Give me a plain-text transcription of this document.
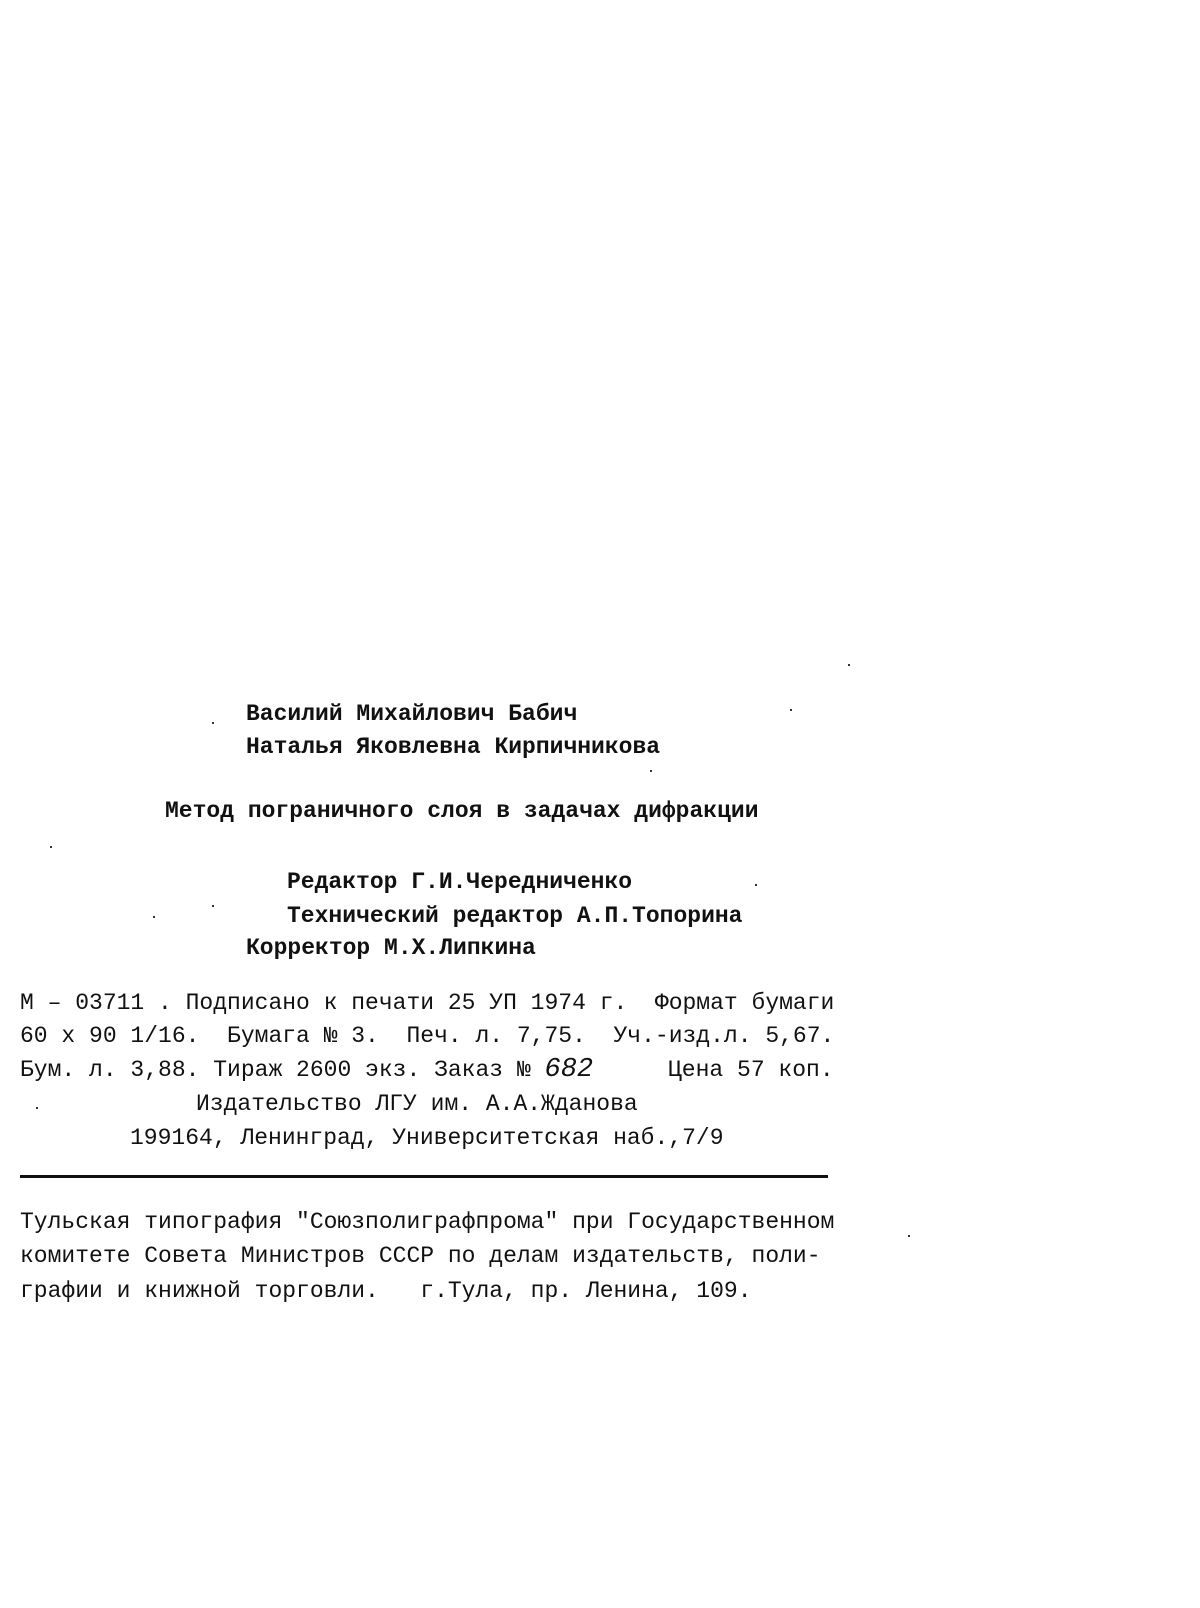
Василий Михайлович Бабич
Наталья Яковлевна Кирпичникова
Метод пограничного слоя в задачах дифракции
Редактор Г.И.Чередниченко
Технический редактор А.П.Топорина
Корректор М.Х.Липкина
М – 03711 . Подписано к печати 25 УП 1974 г.  Формат бумаги
60 х 90 1/16.  Бумага № 3.  Печ. л. 7,75.  Уч.-изд.л. 5,67.
Бум. л. 3,88. Тираж 2600 экз. Заказ № 682	Цена 57 коп.
Издательство ЛГУ им. А.А.Жданова
199164, Ленинград, Университетская наб.,7/9
Тульская типография "Союзполиграфпрома" при Государственном
комитете Совета Министров СССР по делам издательств, поли-
графии и книжной торговли.   г.Тула, пр. Ленина, 109.
